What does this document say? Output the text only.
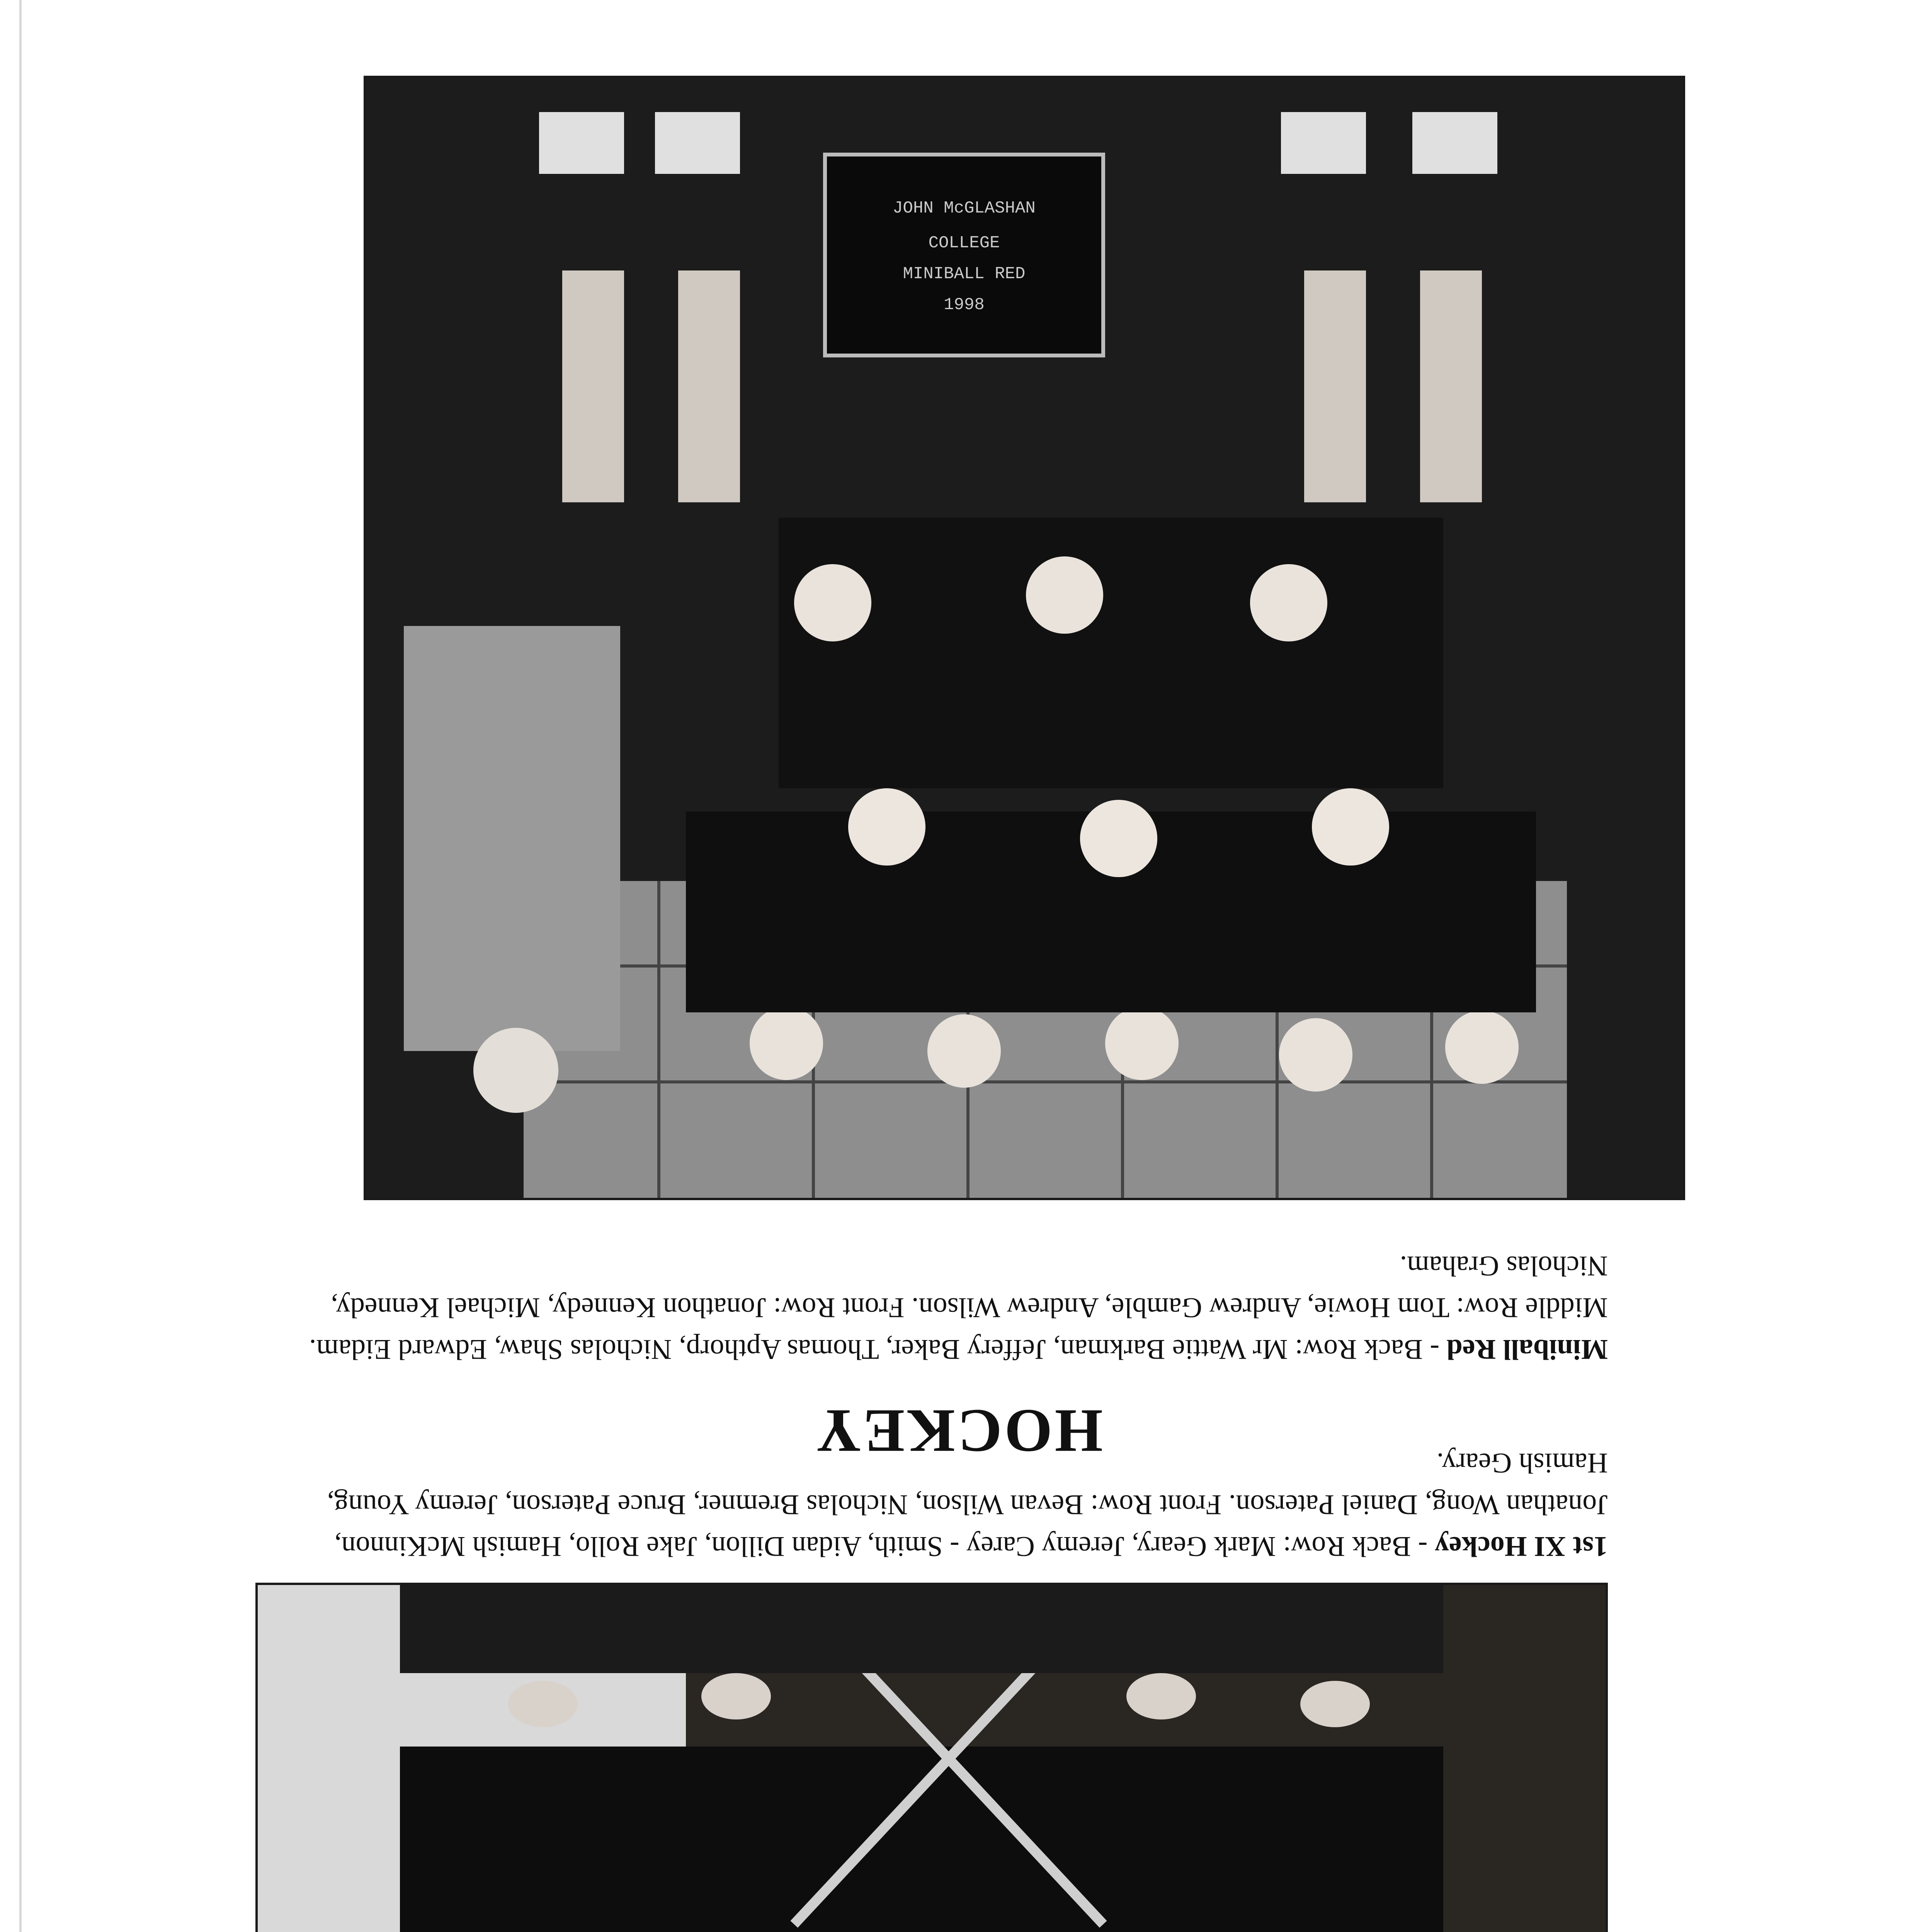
1st XI Hockey - Back Row: Mark Geary, Jeremy Carey - Smith, Aidan Dillon, Jake Rollo, Hamish McKinnon, Jonathan Wong, Daniel Paterson. Front Row: Bevan Wilson, Nicholas Bremner, Bruce Paterson, Jeremy Young, Hamish Geary.
HOCKEY
Miniball Red - Back Row: Mr Wattie Barkman, Jeffery Baker, Thomas Apthorp, Nicholas Shaw, Edward Eidam. Middle Row: Tom Howie, Andrew Gamble, Andrew Wilson. Front Row: Jonathon Kennedy, Michael Kennedy, Nicholas Graham.
JOHN McGLASHAN
COLLEGE
MINIBALL RED
1998
